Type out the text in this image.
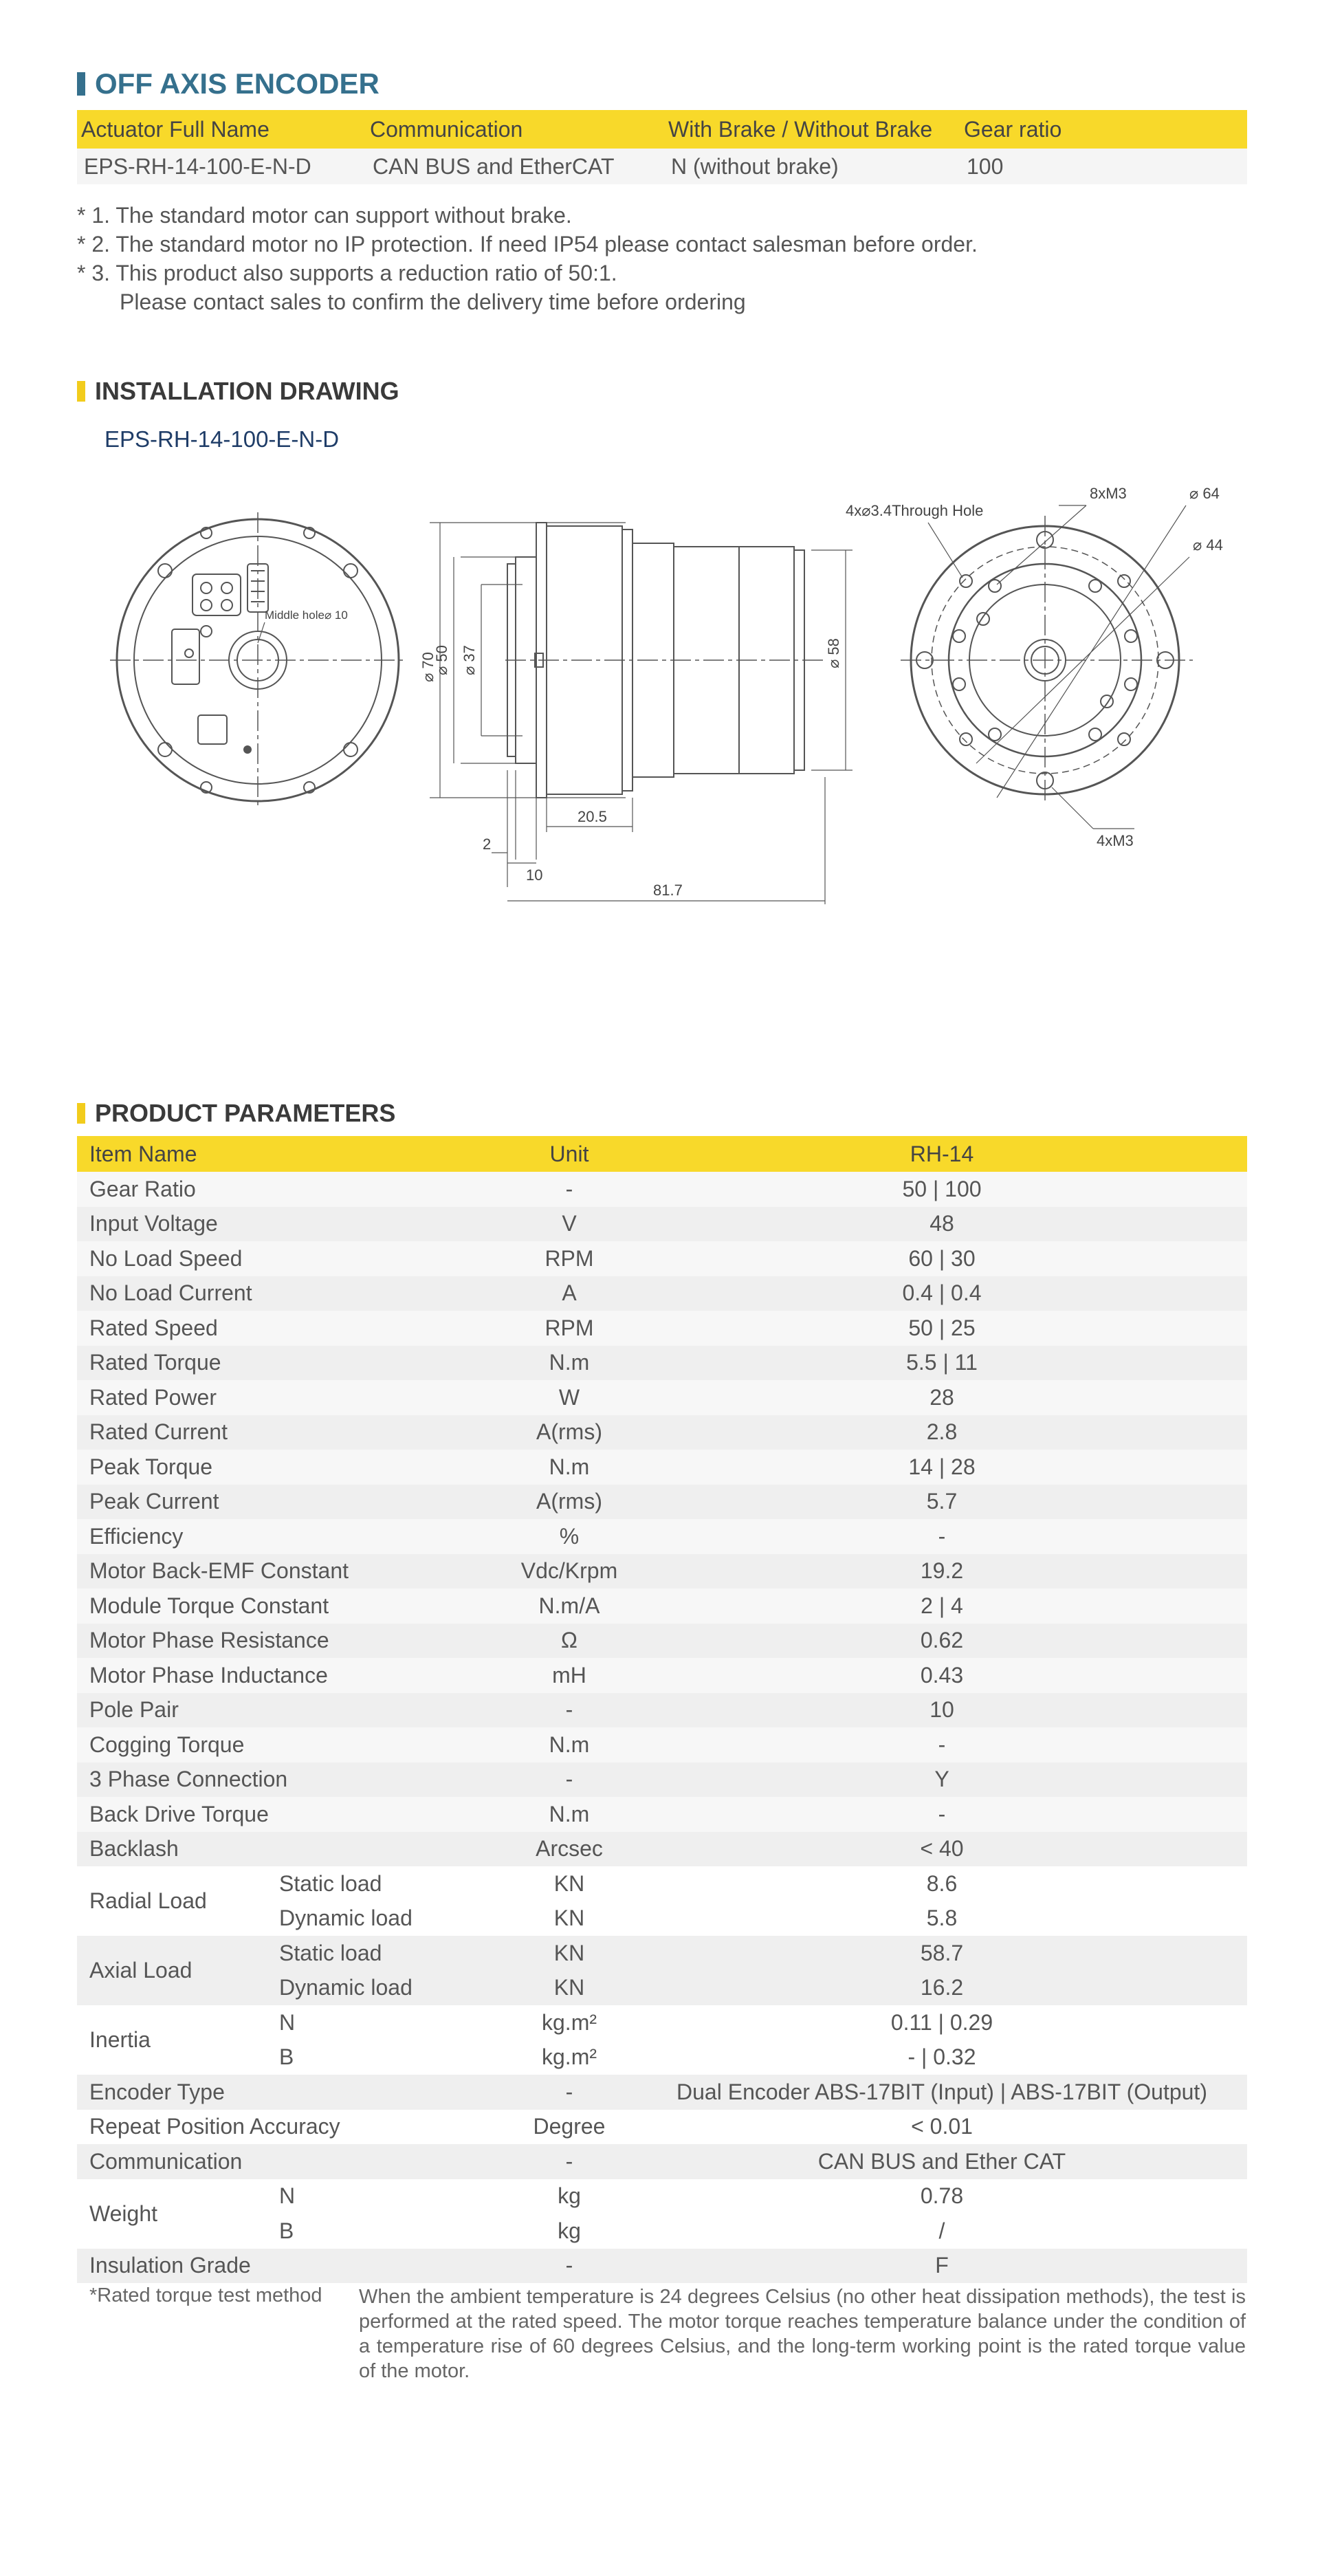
OFF AXIS ENCODER
Actuator Full Name	Communication	With Brake / Without Brake	Gear ratio
EPS-RH-14-100-E-N-D	CAN BUS and EtherCAT	N (without brake)	100
* 1. The standard motor can support without brake.
* 2. The standard motor no IP protection. If need IP54 please contact salesman before order.
* 3. This product also supports a reduction ratio of 50:1.
Please contact sales to confirm the delivery time before ordering
INSTALLATION DRAWING
EPS-RH-14-100-E-N-D
Middle hole⌀ 10
⌀ 70
⌀ 50 ⌀ 37	⌀ 58
20.5
2
10
81.7
4x⌀3.4Through Hole
8xM3	⌀ 64
⌀ 44
4xM3
PRODUCT PARAMETERS
Item Name		Unit	RH-14
Gear Ratio		-	50 | 100
Input Voltage		V	48
No Load Speed		RPM	60 | 30
No Load Current		A	0.4 | 0.4
Rated Speed		RPM	50 | 25
Rated Torque		N.m	5.5 | 11
Rated Power		W	28
Rated Current		A(rms)	2.8
Peak Torque		N.m	14 | 28
Peak Current		A(rms)	5.7
Efficiency		%	-
Motor Back-EMF Constant		Vdc/Krpm	19.2
Module Torque Constant		N.m/A	2 | 4
Motor Phase Resistance		Ω	0.62
Motor Phase Inductance		mH	0.43
Pole Pair		-	10
Cogging Torque		N.m	-
3 Phase Connection		-	Y
Back Drive Torque		N.m	-
Backlash		Arcsec	< 40
Radial Load	Static load	KN	8.6
	Dynamic load	KN	5.8
Axial Load	Static load	KN	58.7
	Dynamic load	KN	16.2
Inertia	N	kg.m²	0.11 | 0.29
	B	kg.m²	- | 0.32
Encoder Type		-	Dual Encoder ABS-17BIT (Input) | ABS-17BIT (Output)
Repeat Position Accuracy		Degree	< 0.01
Communication		-	CAN BUS and Ether CAT
Weight	N	kg	0.78
	B	kg	/
Insulation Grade		-	F
*Rated torque test method When the ambient temperature is 24 degrees Celsius (no other heat dissipation methods), the test is performed at the rated speed. The motor torque reaches temperature balance under the condition of a temperature rise of 60 degrees Celsius, and the long-term working point is the rated torque value of the motor.
